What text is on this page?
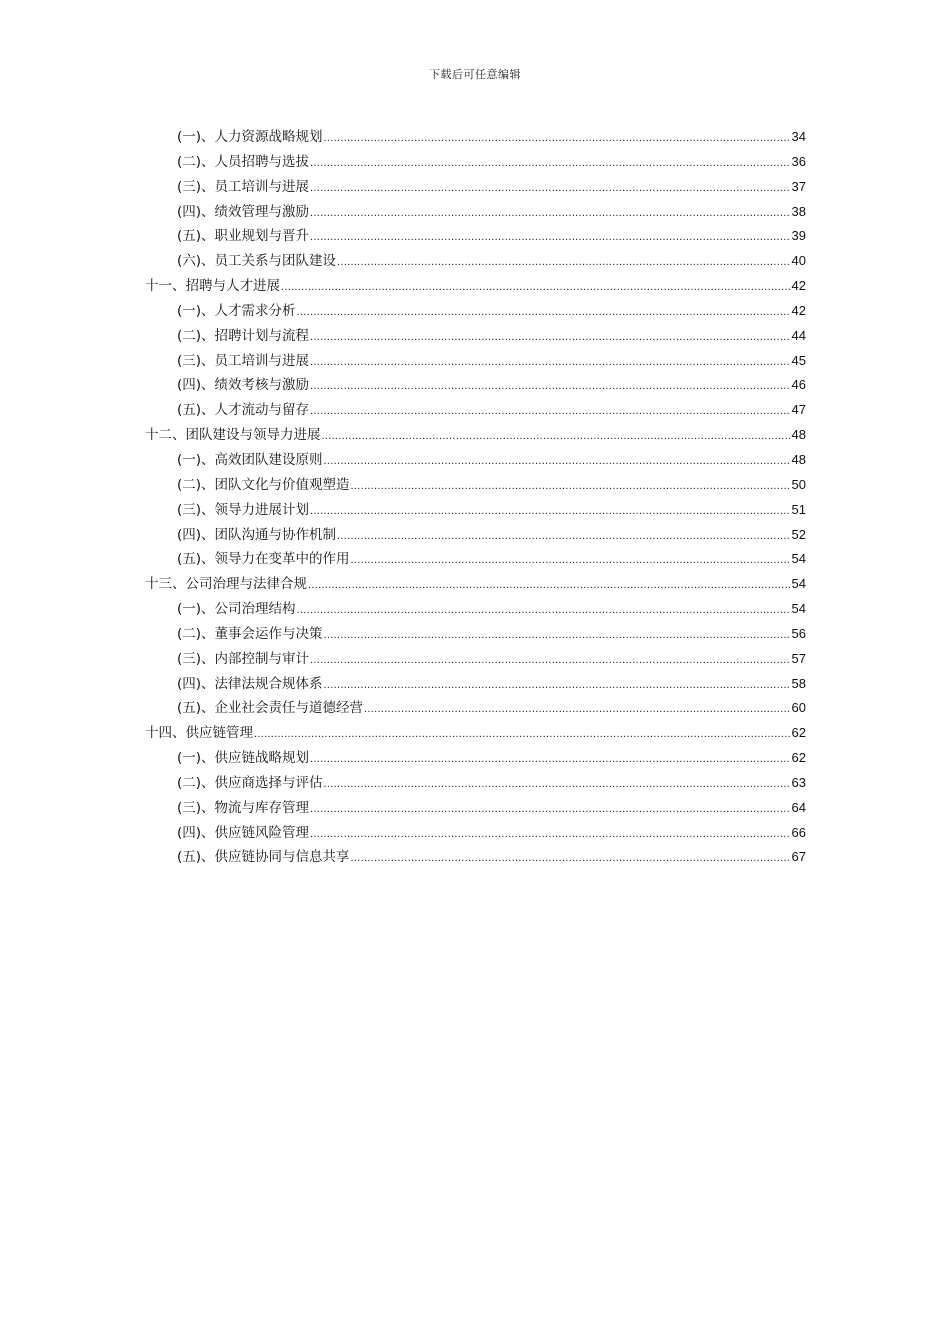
下载后可任意编辑
(一)、人力资源战略规划 .....	34
(二)、人员招聘与选拔 .....	36
(三)、员工培训与进展 .....	37
(四)、绩效管理与激励 .....	38
(五)、职业规划与晋升 .....	39
(六)、员工关系与团队建设 .....	40
十一、招聘与人才进展 .....	42
(一)、人才需求分析 .....	42
(二)、招聘计划与流程 .....	44
(三)、员工培训与进展 .....	45
(四)、绩效考核与激励 .....	46
(五)、人才流动与留存 .....	47
十二、团队建设与领导力进展 .....	48
(一)、高效团队建设原则 .....	48
(二)、团队文化与价值观塑造 .....	50
(三)、领导力进展计划 .....	51
(四)、团队沟通与协作机制 .....	52
(五)、领导力在变革中的作用 .....	54
十三、公司治理与法律合规 .....	54
(一)、公司治理结构 .....	54
(二)、董事会运作与决策 .....	56
(三)、内部控制与审计 .....	57
(四)、法律法规合规体系 .....	58
(五)、企业社会责任与道德经营 .....	60
十四、供应链管理 .....	62
(一)、供应链战略规划 .....	62
(二)、供应商选择与评估 .....	63
(三)、物流与库存管理 .....	64
(四)、供应链风险管理 .....	66
(五)、供应链协同与信息共享 .....	67
